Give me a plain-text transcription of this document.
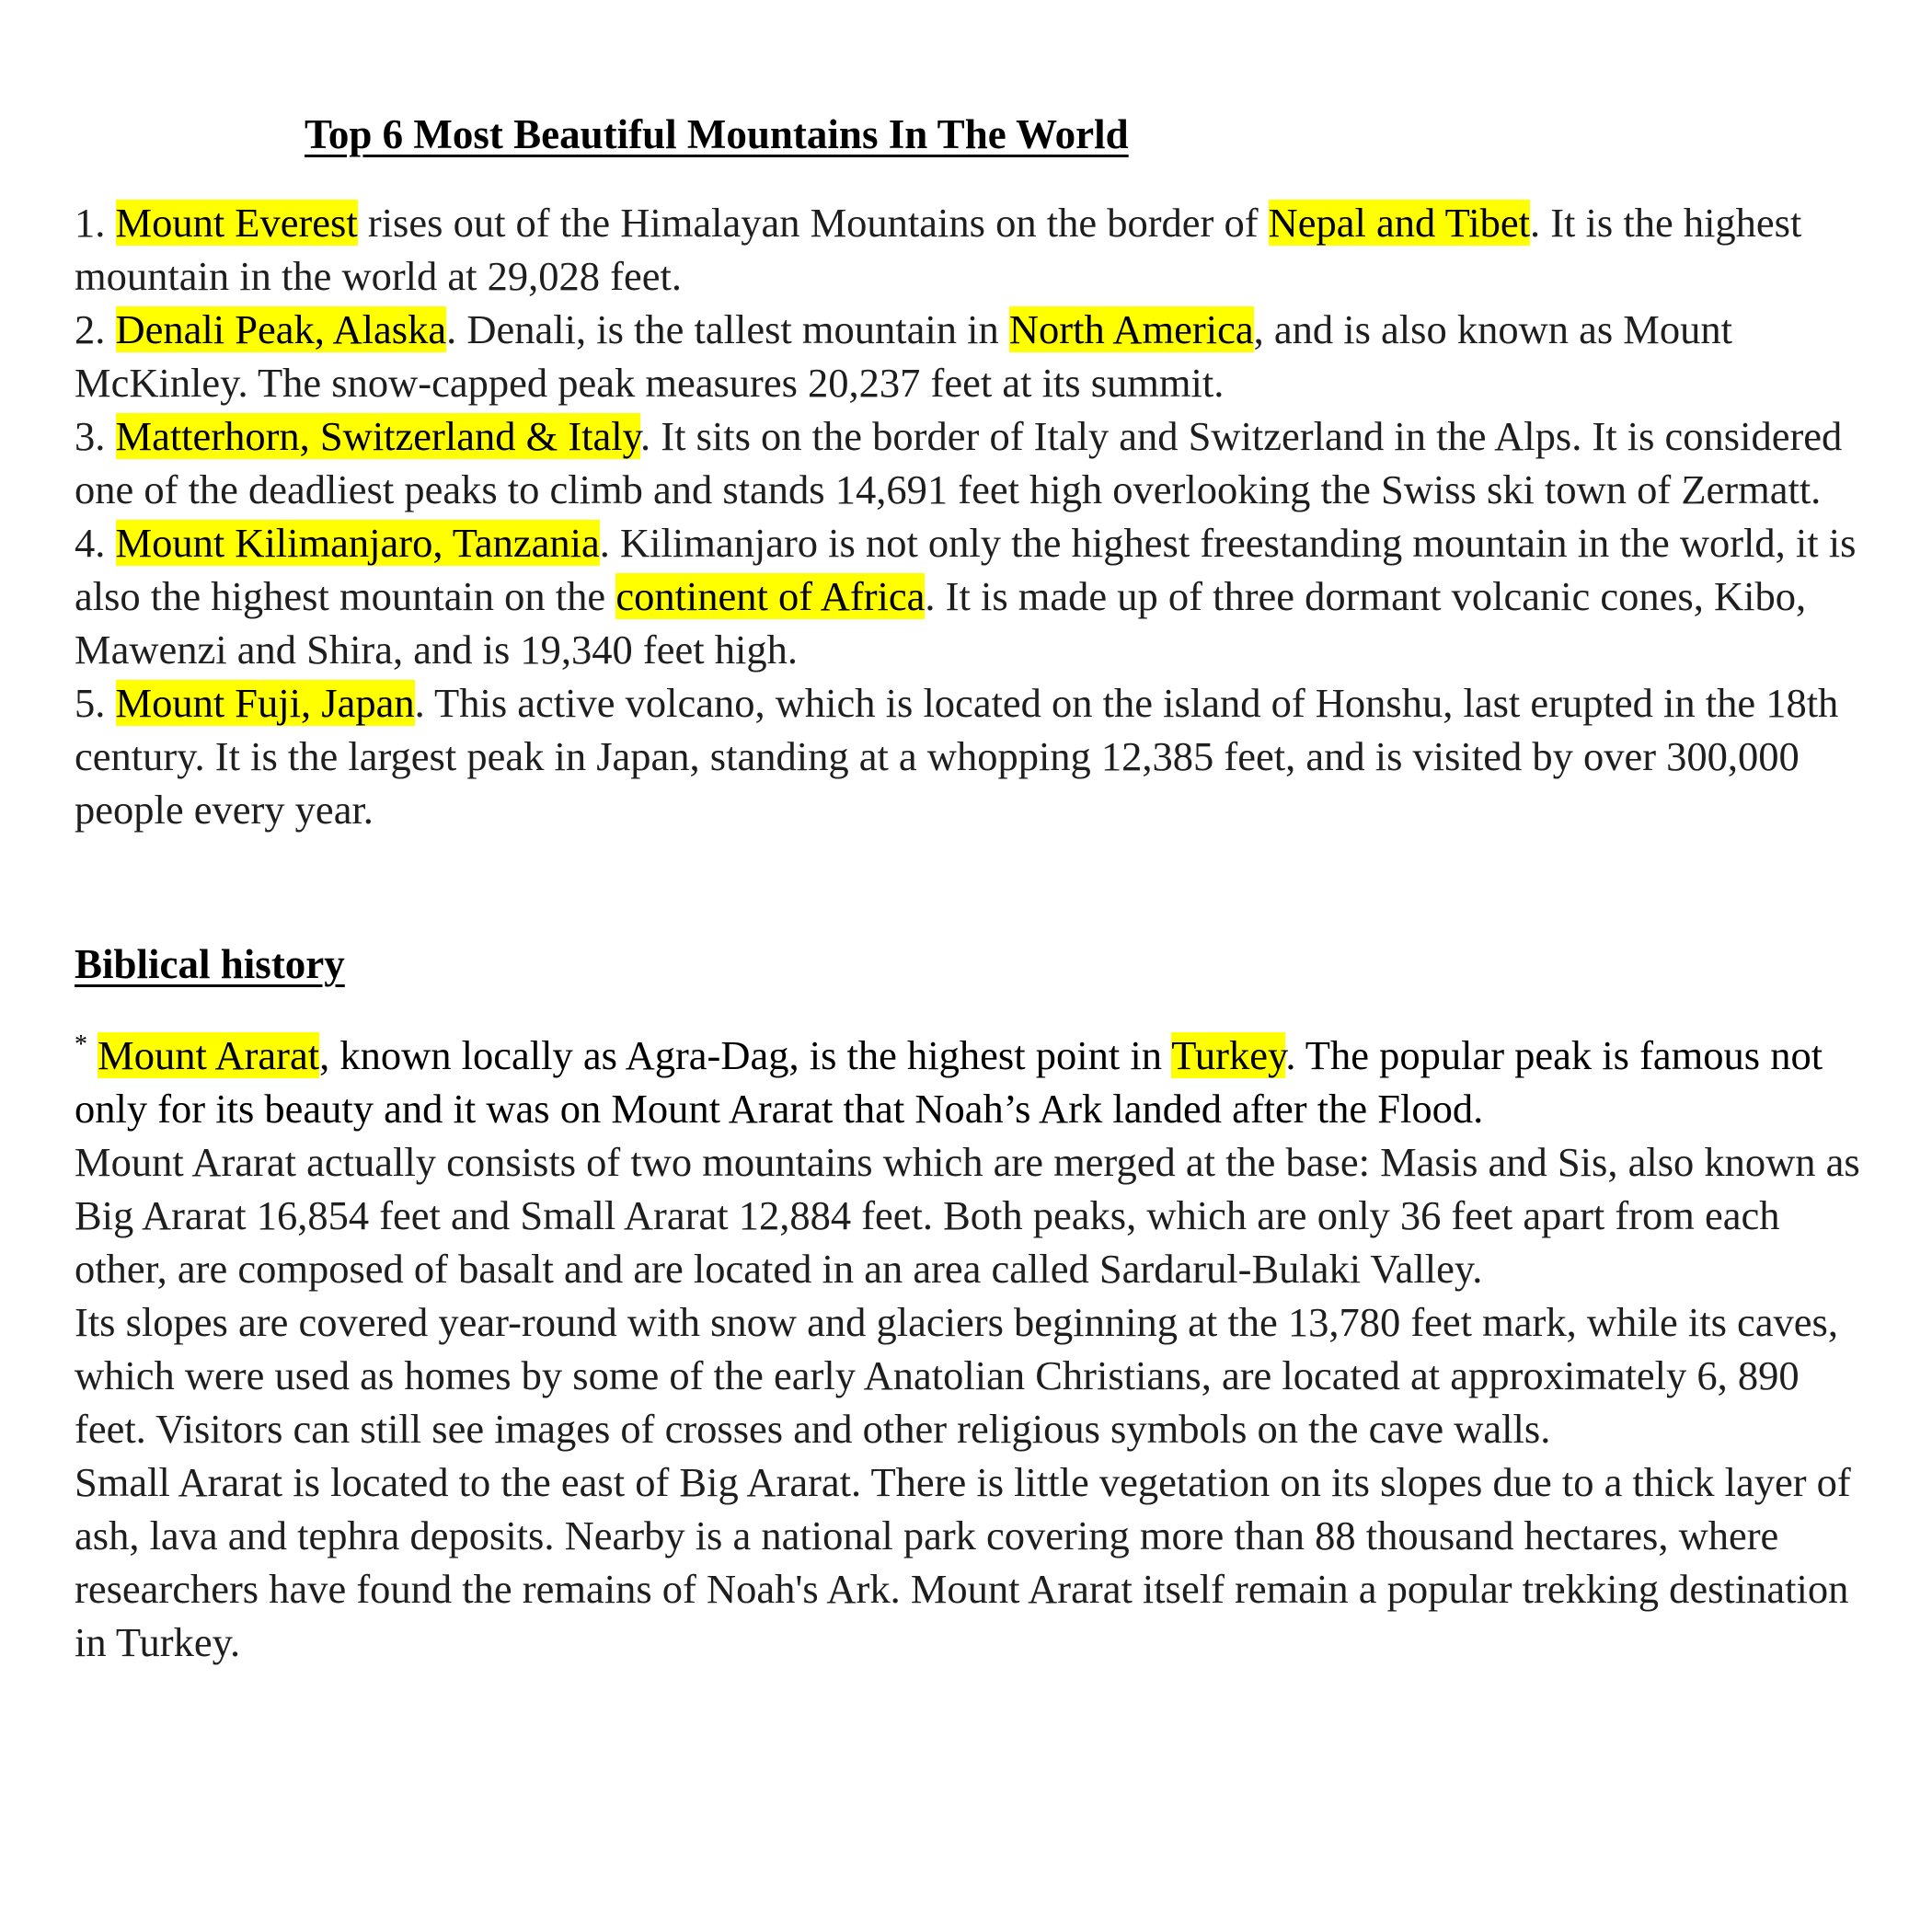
Top 6 Most Beautiful Mountains In The World

1. Mount Everest rises out of the Himalayan Mountains on the border of Nepal and Tibet. It is the highest mountain in the world at 29,028 feet.

2. Denali Peak, Alaska. Denali, is the tallest mountain in North America, and is also known as Mount McKinley. The snow-capped peak measures 20,237 feet at its summit.

3. Matterhorn, Switzerland & Italy. It sits on the border of Italy and Switzerland in the Alps. It is considered one of the deadliest peaks to climb and stands 14,691 feet high overlooking the Swiss ski town of Zermatt.

4. Mount Kilimanjaro, Tanzania. Kilimanjaro is not only the highest freestanding mountain in the world, it is also the highest mountain on the continent of Africa. It is made up of three dormant volcanic cones, Kibo, Mawenzi and Shira, and is 19,340 feet high.

5. Mount Fuji, Japan. This active volcano, which is located on the island of Honshu, last erupted in the 18th century. It is the largest peak in Japan, standing at a whopping 12,385 feet, and is visited by over 300,000 people every year.

Biblical history

* Mount Ararat, known locally as Agra-Dag, is the highest point in Turkey. The popular peak is famous not only for its beauty and it was on Mount Ararat that Noah’s Ark landed after the Flood.

Mount Ararat actually consists of two mountains which are merged at the base: Masis and Sis, also known as Big Ararat 16,854 feet and Small Ararat 12,884 feet. Both peaks, which are only 36 feet apart from each other, are composed of basalt and are located in an area called Sardarul-Bulaki Valley.

Its slopes are covered year-round with snow and glaciers beginning at the 13,780 feet mark, while its caves, which were used as homes by some of the early Anatolian Christians, are located at approximately 6, 890 feet. Visitors can still see images of crosses and other religious symbols on the cave walls.

Small Ararat is located to the east of Big Ararat. There is little vegetation on its slopes due to a thick layer of ash, lava and tephra deposits. Nearby is a national park covering more than 88 thousand hectares, where researchers have found the remains of Noah's Ark. Mount Ararat itself remain a popular trekking destination in Turkey.
